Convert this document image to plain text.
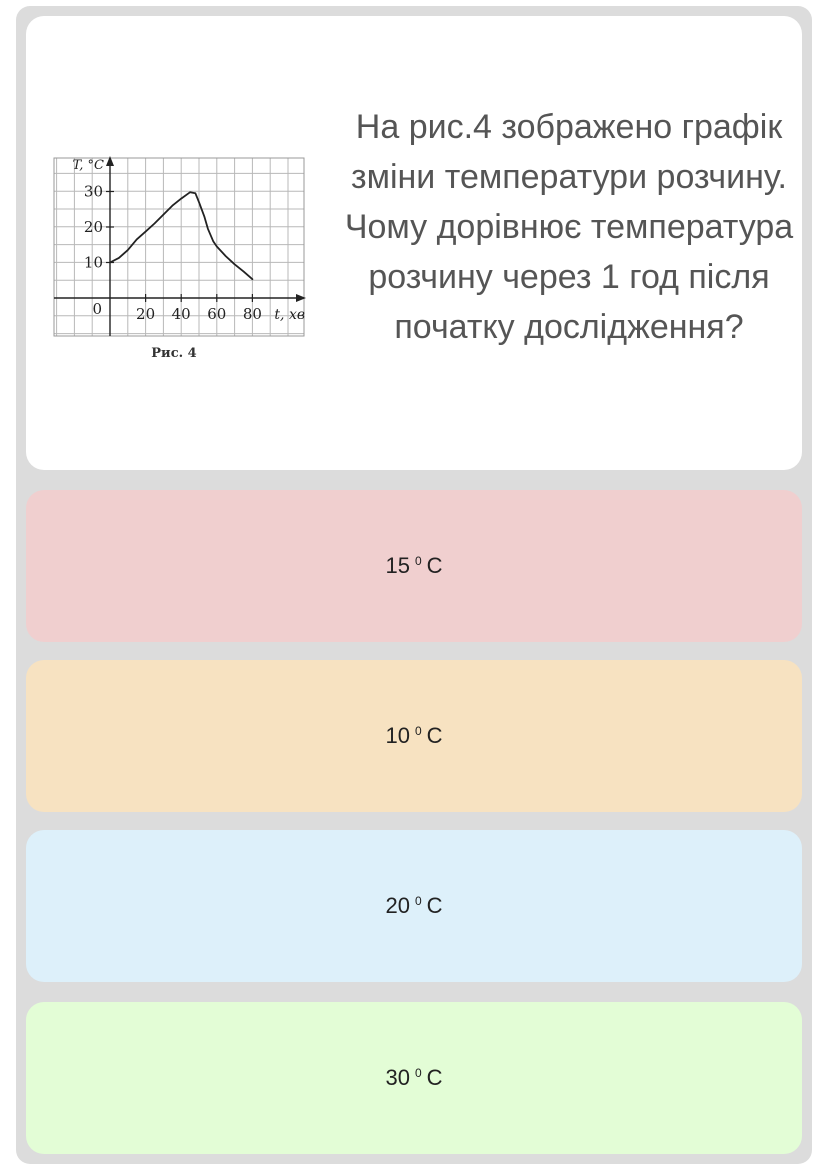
20 40 60 80
10
20
30
0	t, хв
T, °C
Рис. 4
На рис.4 зображено графік зміни температури розчину. Чому дорівнює температура розчину через 1 год після початку дослідження?
15 $^0$ C
10 $^0$ C
20 $^0$ C
30 $^0$ C
